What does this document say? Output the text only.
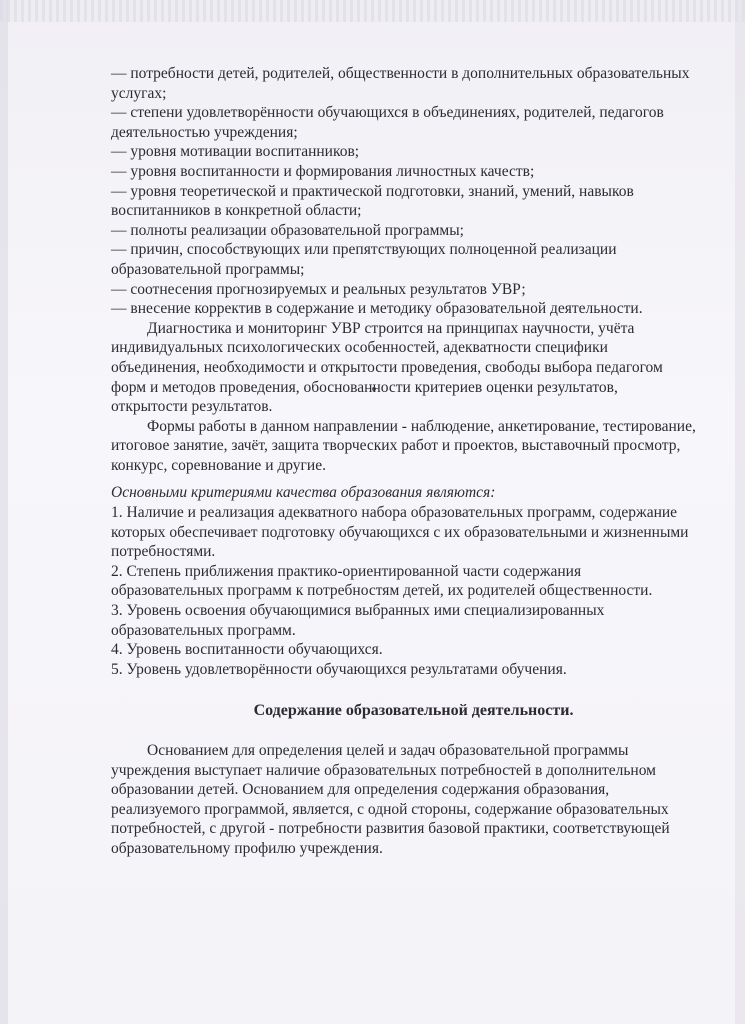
— потребности детей, родителей, общественности в дополнительных образовательных услугах;
— степени удовлетворённости обучающихся в объединениях, родителей, педагогов деятельностью учреждения;
— уровня мотивации воспитанников;
— уровня воспитанности и формирования личностных качеств;
— уровня теоретической и практической подготовки, знаний, умений, навыков воспитанников в конкретной области;
— полноты реализации образовательной программы;
— причин, способствующих или препятствующих полноценной реализации образовательной программы;
— соотнесения прогнозируемых и реальных результатов УВР;
— внесение корректив в содержание и методику образовательной деятельности.

Диагностика и мониторинг УВР строится на принципах научности, учёта индивидуальных психологических особенностей, адекватности специфики объединения, необходимости и открытости проведения, свободы выбора педагогом форм и методов проведения, обоснованности критериев оценки результатов, открытости результатов.

Формы работы в данном направлении - наблюдение, анкетирование, тестирование, итоговое занятие, зачёт, защита творческих работ и проектов, выставочный просмотр, конкурс, соревнование и другие.

Основными критериями качества образования являются:

1. Наличие и реализация адекватного набора образовательных программ, содержание которых обеспечивает подготовку обучающихся с их образовательными и жизненными потребностями.
2. Степень приближения практико-ориентированной части содержания образовательных программ к потребностям детей, их родителей общественности.
3. Уровень освоения обучающимися выбранных ими специализированных образовательных программ.
4. Уровень воспитанности обучающихся.
5. Уровень удовлетворённости обучающихся результатами обучения.
Содержание образовательной деятельности.

Основанием для определения целей и задач образовательной программы учреждения выступает наличие образовательных потребностей в дополнительном образовании детей. Основанием для определения содержания образования, реализуемого программой, является, с одной стороны, содержание образовательных потребностей, с другой - потребности развития базовой практики, соответствующей образовательному профилю учреждения.
